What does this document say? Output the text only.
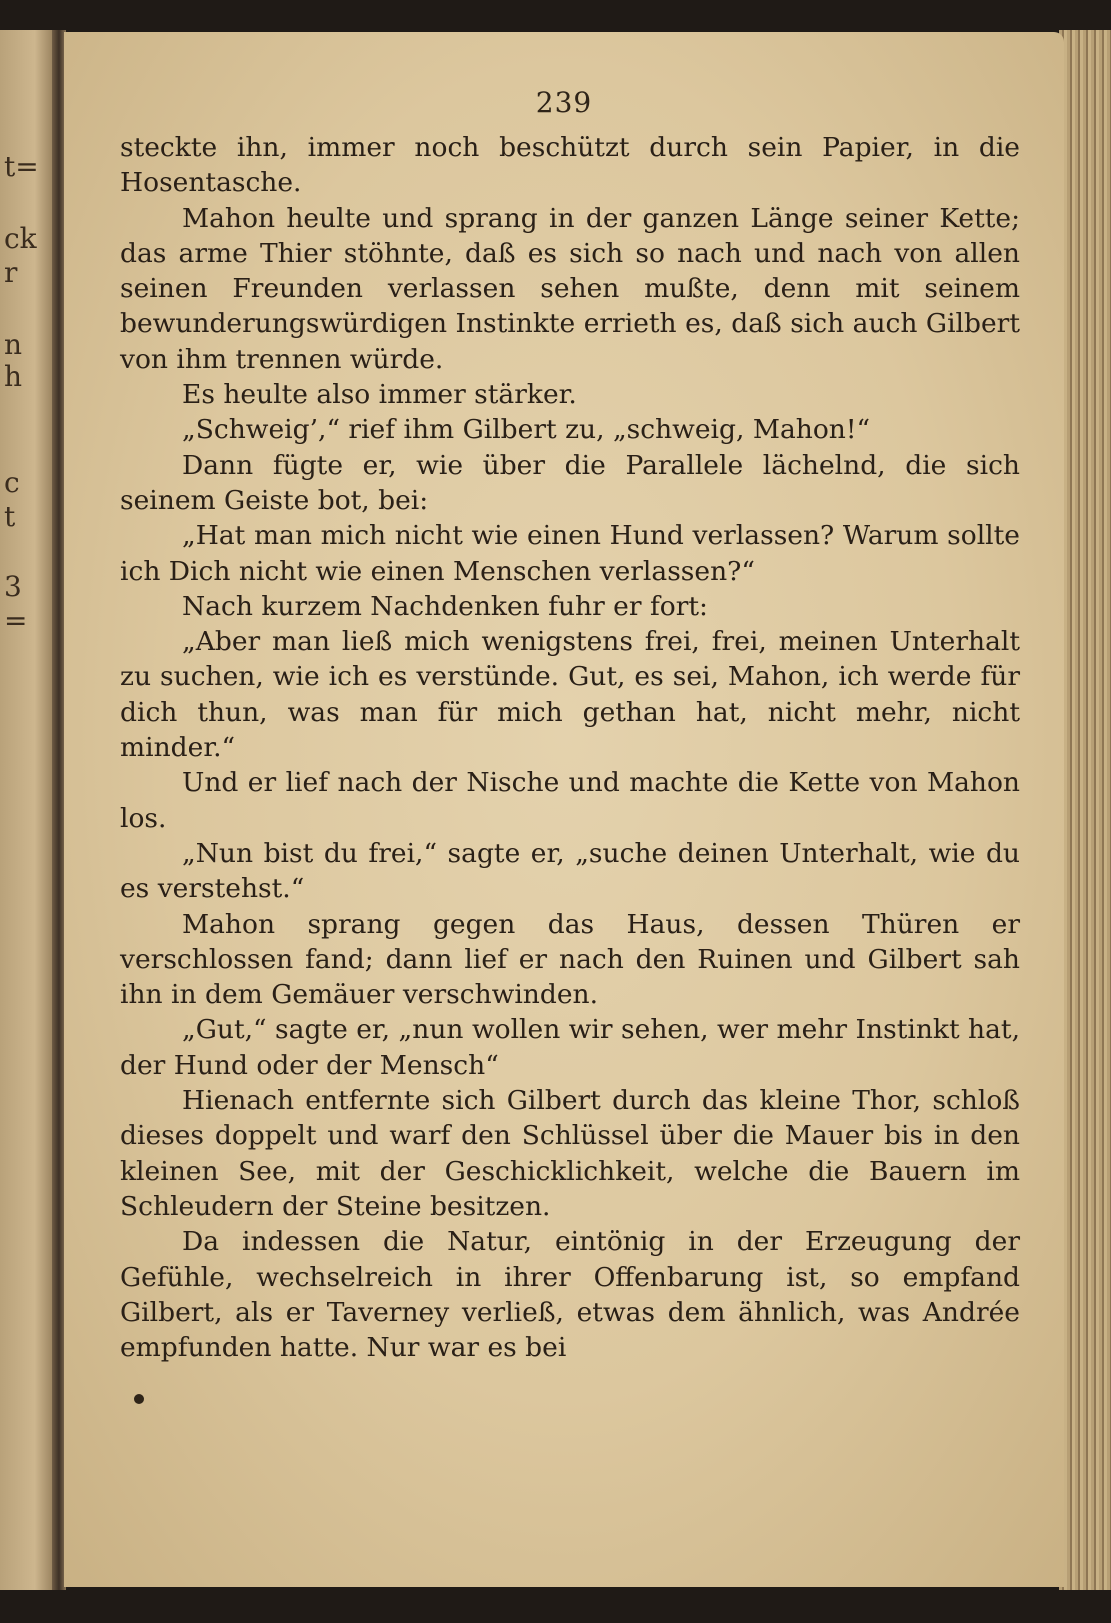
t=
ck
r
n
h
c
t
3
=
239

steckte ihn, immer noch beschützt durch sein Papier, in die Hosentasche.

Mahon heulte und sprang in der ganzen Länge seiner Kette; das arme Thier stöhnte, daß es sich so nach und nach von allen seinen Freunden verlassen sehen mußte, denn mit seinem bewunderungswürdigen Instinkte errieth es, daß sich auch Gilbert von ihm trennen würde.

Es heulte also immer stärker.

„Schweig’,“ rief ihm Gilbert zu, „schweig, Mahon!“

Dann fügte er, wie über die Parallele lächelnd, die sich seinem Geiste bot, bei:

„Hat man mich nicht wie einen Hund verlassen? Warum sollte ich Dich nicht wie einen Menschen verlassen?“

Nach kurzem Nachdenken fuhr er fort:

„Aber man ließ mich wenigstens frei, frei, meinen Unterhalt zu suchen, wie ich es verstünde. Gut, es sei, Mahon, ich werde für dich thun, was man für mich gethan hat, nicht mehr, nicht minder.“

Und er lief nach der Nische und machte die Kette von Mahon los.

„Nun bist du frei,“ sagte er, „suche deinen Unterhalt, wie du es verstehst.“

Mahon sprang gegen das Haus, dessen Thüren er verschlossen fand; dann lief er nach den Ruinen und Gilbert sah ihn in dem Gemäuer verschwinden.

„Gut,“ sagte er, „nun wollen wir sehen, wer mehr Instinkt hat, der Hund oder der Mensch“

Hienach entfernte sich Gilbert durch das kleine Thor, schloß dieses doppelt und warf den Schlüssel über die Mauer bis in den kleinen See, mit der Geschicklichkeit, welche die Bauern im Schleudern der Steine besitzen.

Da indessen die Natur, eintönig in der Erzeugung der Gefühle, wechselreich in ihrer Offenbarung ist, so empfand Gilbert, als er Taverney verließ, etwas dem ähnlich, was Andrée empfunden hatte. Nur war es bei
